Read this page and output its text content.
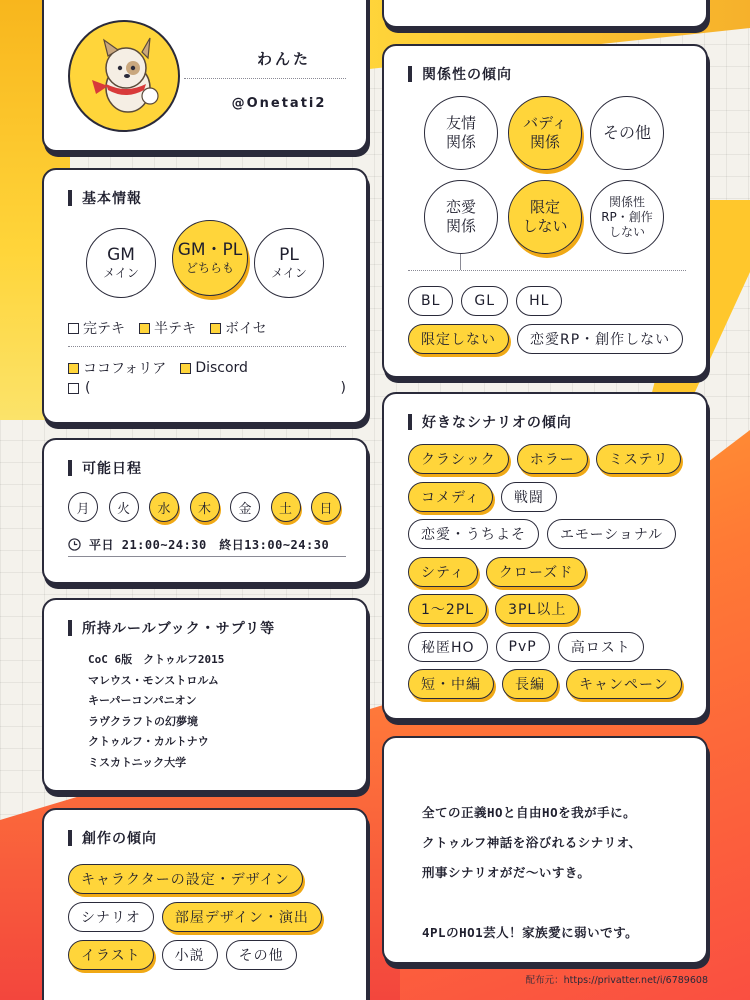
わんた
@Onetati2
基本情報
GM
メイン
GM・PL
どちらも
PL
メイン
完テキ 半テキ ボイセ
ココフォリア Discord
(	)
可能日程
月	火	水	木	金	土	日
平日 21:00~24:30　終日13:00~24:30
所持ルールブック・サプリ等
CoC 6版　クトゥルフ2015
マレウス・モンストロルム
キーパーコンパニオン
ラヴクラフトの幻夢境
クトゥルフ・カルトナウ
ミスカトニック大学
創作の傾向
キャラクターの設定・デザイン
シナリオ	部屋デザイン・演出
イラスト	小説	その他
関係性の傾向
友情
関係
バディ
関係	その他
恋愛
関係
限定
しない
関係性
RP・創作
しない
BL	GL	HL
限定しない	恋愛RP・創作しない
好きなシナリオの傾向
クラシック	ホラー	ミステリ
コメディ	戦闘
恋愛・うちよそ	エモーショナル
シティ	クローズド
1〜2PL	3PL以上
秘匿HO	PvP	高ロスト
短・中編	長編	キャンペーン
全ての正義HOと自由HOを我が手に。
クトゥルフ神話を浴びれるシナリオ、
刑事シナリオがだ〜いすき。
4PLのHO1芸人！家族愛に弱いです。
配布元：https://privatter.net/i/6789608
